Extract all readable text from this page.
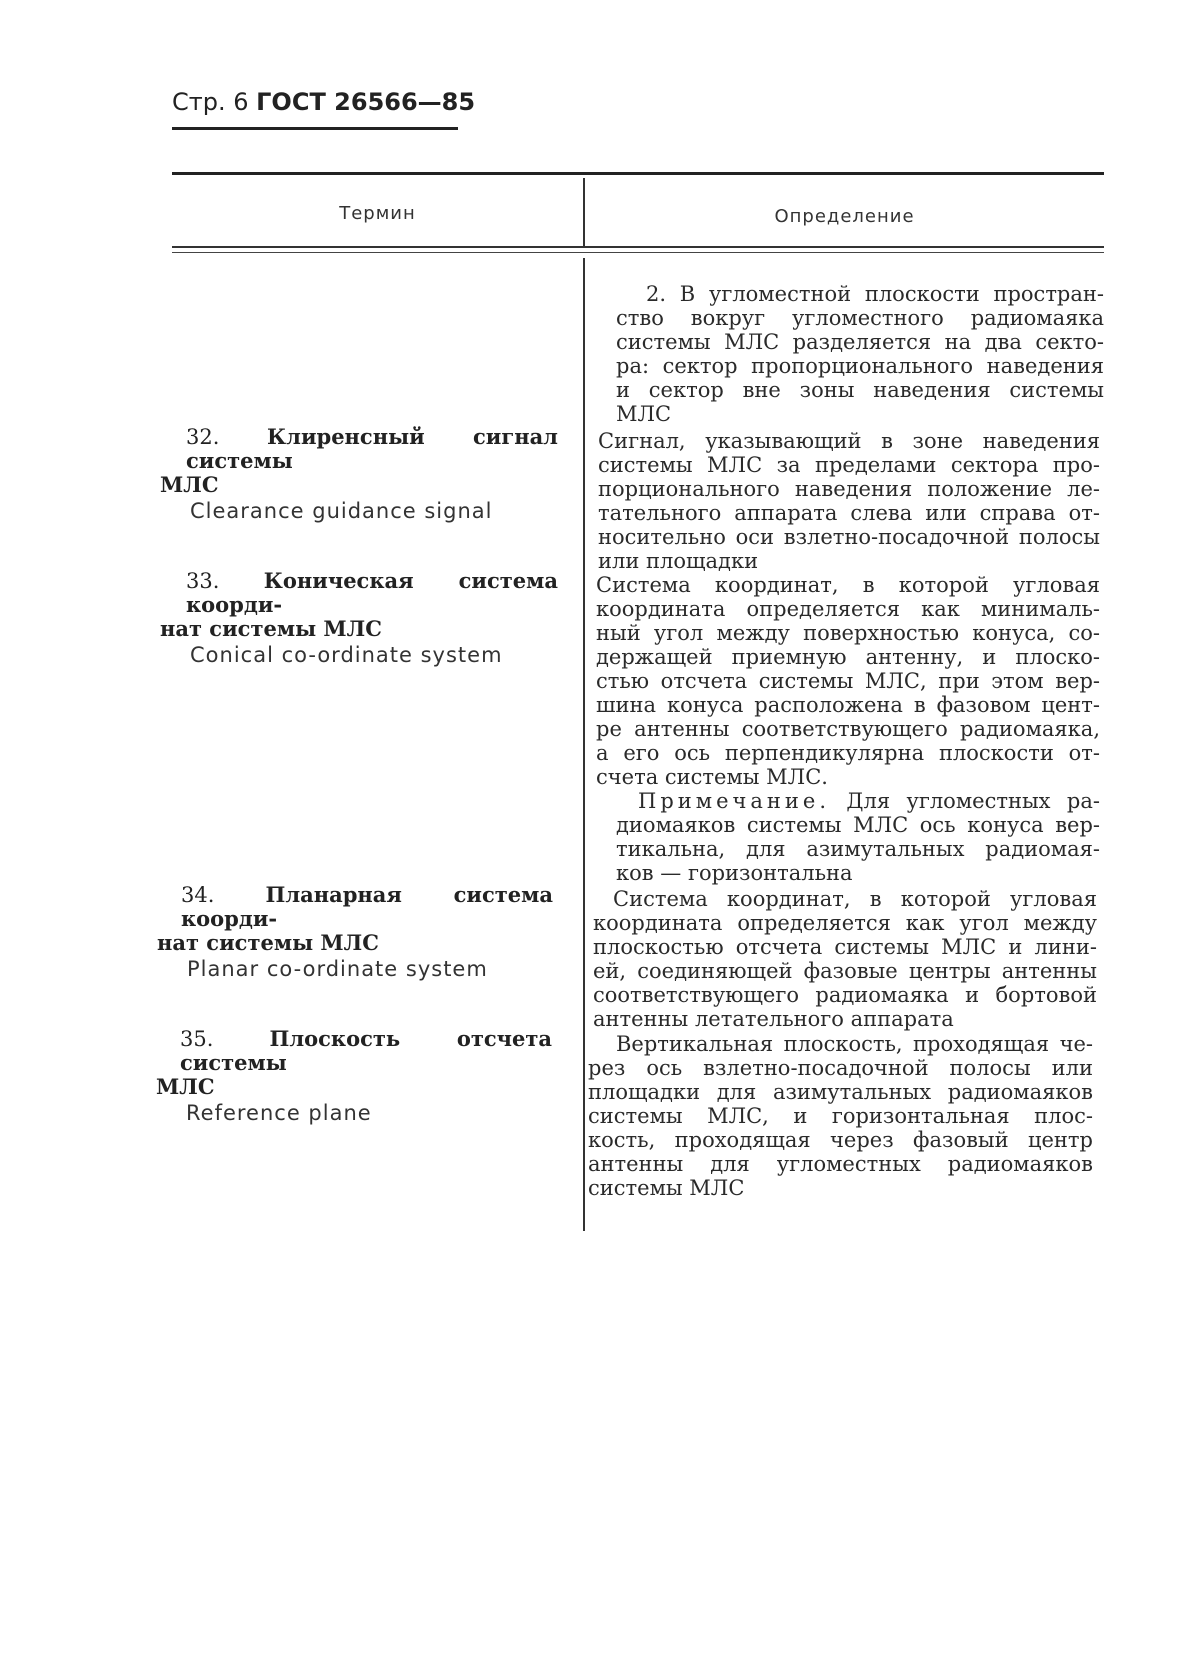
Стр. 6 ГОСТ 26566—85
Термин	Определение
2. В угломестной плоскости простран-
ство вокруг угломестного радиомаяка
системы МЛС разделяется на два секто-
ра: сектор пропорционального наведения
и сектор вне зоны наведения системы
МЛС
32. Клиренсный сигнал системы
МЛС
Clearance guidance signal
Сигнал, указывающий в зоне наведения
системы МЛС за пределами сектора про-
порционального наведения положение ле-
тательного аппарата слева или справа от-
носительно оси взлетно-посадочной полосы
или площадки
33. Коническая система коорди-
нат системы МЛС
Conical co-ordinate system
Система координат, в которой угловая
координата определяется как минималь-
ный угол между поверхностью конуса, со-
держащей приемную антенну, и плоско-
стью отсчета системы МЛС, при этом вер-
шина конуса расположена в фазовом цент-
ре антенны соответствующего радиомаяка,
а его ось перпендикулярна плоскости от-
счета системы МЛС.
Примечание. Для угломестных ра-
диомаяков системы МЛС ось конуса вер-
тикальна, для азимутальных радиомая-
ков — горизонтальна
34. Планарная система коорди-
нат системы МЛС
Planar co-ordinate system
Система координат, в которой угловая
координата определяется как угол между
плоскостью отсчета системы МЛС и лини-
ей, соединяющей фазовые центры антенны
соответствующего радиомаяка и бортовой
антенны летательного аппарата
35.	Плоскость отсчета системы
МЛС
Reference plane
Вертикальная плоскость, проходящая че-
рез ось взлетно-посадочной полосы или
площадки для азимутальных радиомаяков
системы МЛС, и горизонтальная плос-
кость, проходящая через фазовый центр
антенны для угломестных радиомаяков
системы МЛС
